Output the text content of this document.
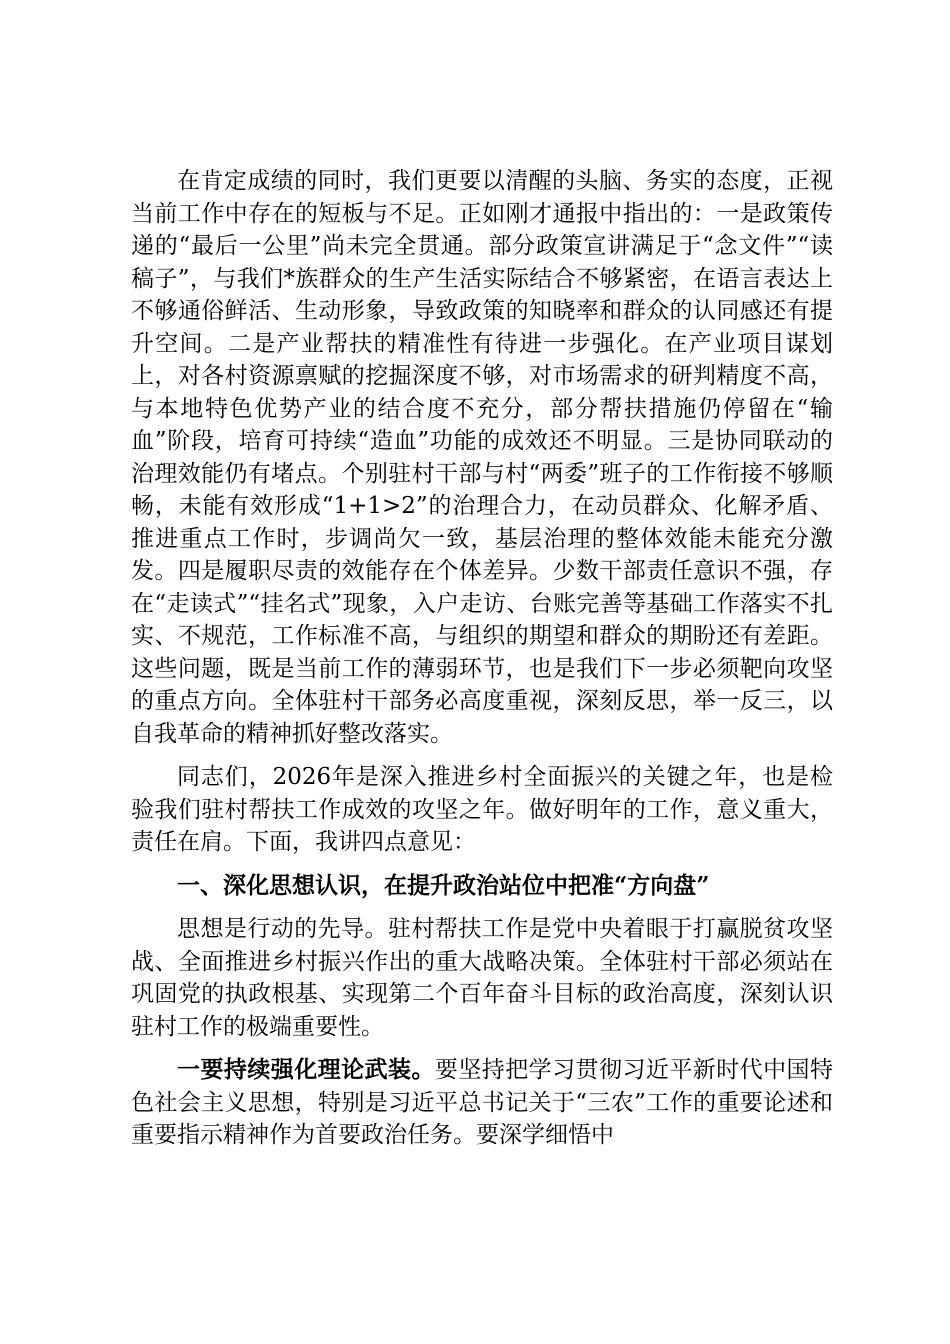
在肯定成绩的同时，我们更要以清醒的头脑、务实的态度，正视当前工作中存在的短板与不足。正如刚才通报中指出的：一是政策传递的“最后一公里”尚未完全贯通。部分政策宣讲满足于“念文件”“读稿子”，与我们*族群众的生产生活实际结合不够紧密，在语言表达上不够通俗鲜活、生动形象，导致政策的知晓率和群众的认同感还有提升空间。二是产业帮扶的精准性有待进一步强化。在产业项目谋划上，对各村资源禀赋的挖掘深度不够，对市场需求的研判精度不高，与本地特色优势产业的结合度不充分，部分帮扶措施仍停留在“输血”阶段，培育可持续“造血”功能的成效还不明显。三是协同联动的治理效能仍有堵点。个别驻村干部与村“两委”班子的工作衔接不够顺畅，未能有效形成“1+1>2”的治理合力，在动员群众、化解矛盾、推进重点工作时，步调尚欠一致，基层治理的整体效能未能充分激发。四是履职尽责的效能存在个体差异。少数干部责任意识不强，存在“走读式”“挂名式”现象，入户走访、台账完善等基础工作落实不扎实、不规范，工作标准不高，与组织的期望和群众的期盼还有差距。这些问题，既是当前工作的薄弱环节，也是我们下一步必须靶向攻坚的重点方向。全体驻村干部务必高度重视，深刻反思，举一反三，以自我革命的精神抓好整改落实。

同志们，2026年是深入推进乡村全面振兴的关键之年，也是检验我们驻村帮扶工作成效的攻坚之年。做好明年的工作，意义重大，责任在肩。下面，我讲四点意见：

一、深化思想认识，在提升政治站位中把准“方向盘”

思想是行动的先导。驻村帮扶工作是党中央着眼于打赢脱贫攻坚战、全面推进乡村振兴作出的重大战略决策。全体驻村干部必须站在巩固党的执政根基、实现第二个百年奋斗目标的政治高度，深刻认识驻村工作的极端重要性。

一要持续强化理论武装。要坚持把学习贯彻习近平新时代中国特色社会主义思想，特别是习近平总书记关于“三农”工作的重要论述和重要指示精神作为首要政治任务。要深学细悟中
